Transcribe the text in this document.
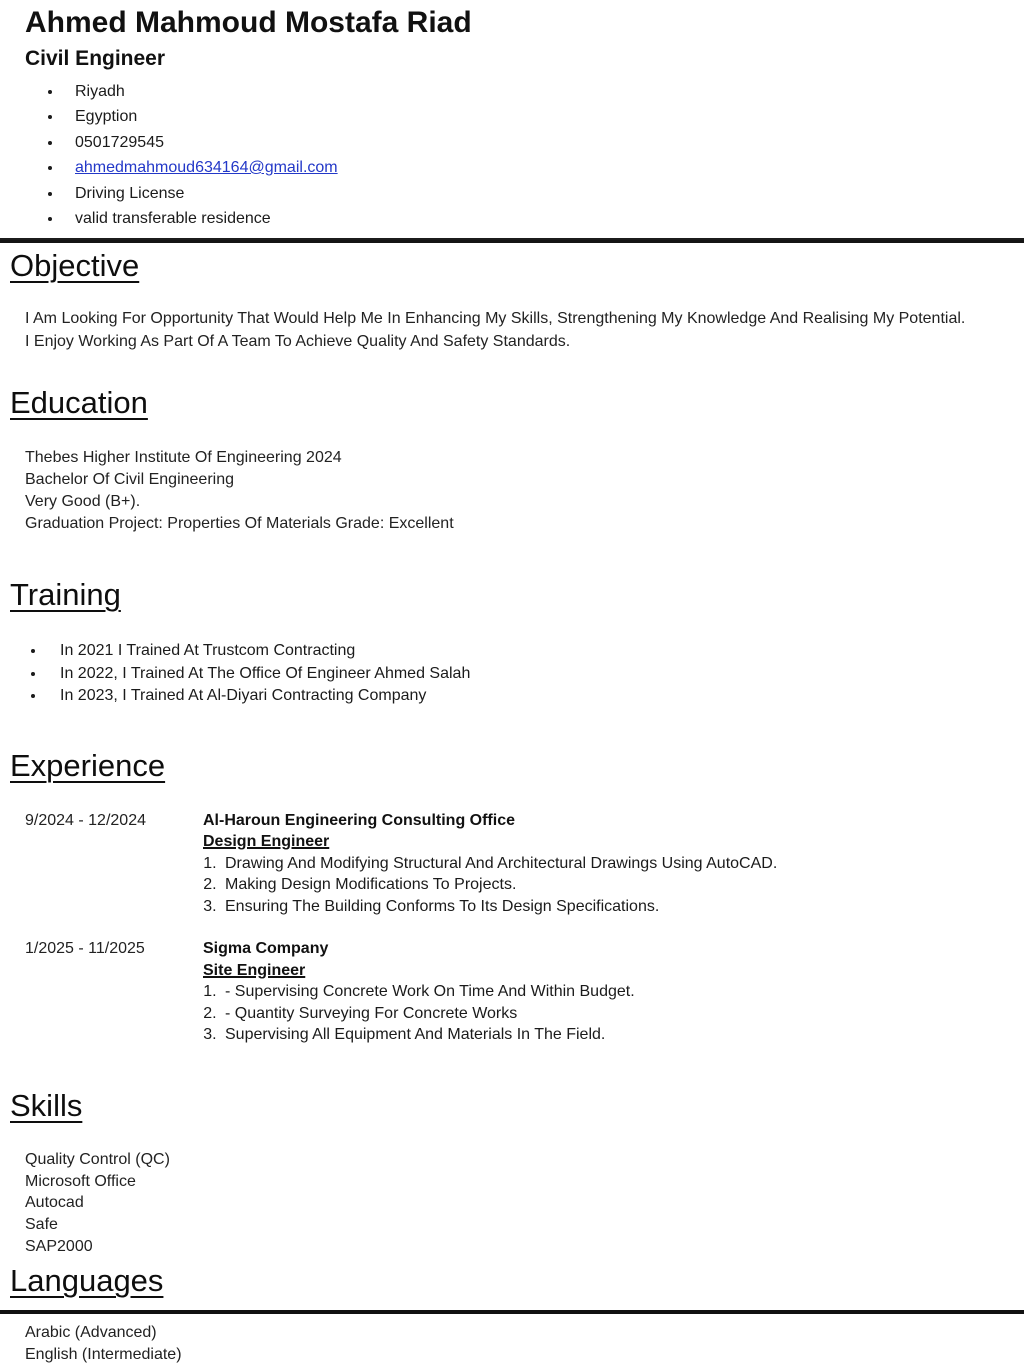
Ahmed Mahmoud Mostafa Riad
Civil Engineer
• Riyadh
• Egyption
• 0501729545
• ahmedmahmoud634164@gmail.com
• Driving License
• valid transferable residence
Objective
I Am Looking For Opportunity That Would Help Me In Enhancing My Skills, Strengthening My Knowledge And Realising My Potential.
I Enjoy Working As Part Of A Team To Achieve Quality And Safety Standards.
Education
Thebes Higher Institute Of Engineering 2024
Bachelor Of Civil Engineering
Very Good (B+).
Graduation Project: Properties Of Materials Grade: Excellent
Training
• In 2021 I Trained At Trustcom Contracting
• In 2022, I Trained At The Office Of Engineer Ahmed Salah
• In 2023, I Trained At Al-Diyari Contracting Company
Experience
9/2024 - 12/2024	Al-Haroun Engineering Consulting Office
Design Engineer
1. Drawing And Modifying Structural And Architectural Drawings Using AutoCAD.
2. Making Design Modifications To Projects.
3. Ensuring The Building Conforms To Its Design Specifications.
1/2025 - 11/2025	Sigma Company
Site Engineer
1. - Supervising Concrete Work On Time And Within Budget.
2. - Quantity Surveying For Concrete Works
3. Supervising All Equipment And Materials In The Field.
Skills
Quality Control (QC)
Microsoft Office
Autocad
Safe
SAP2000
Languages
Arabic (Advanced)
English (Intermediate)
